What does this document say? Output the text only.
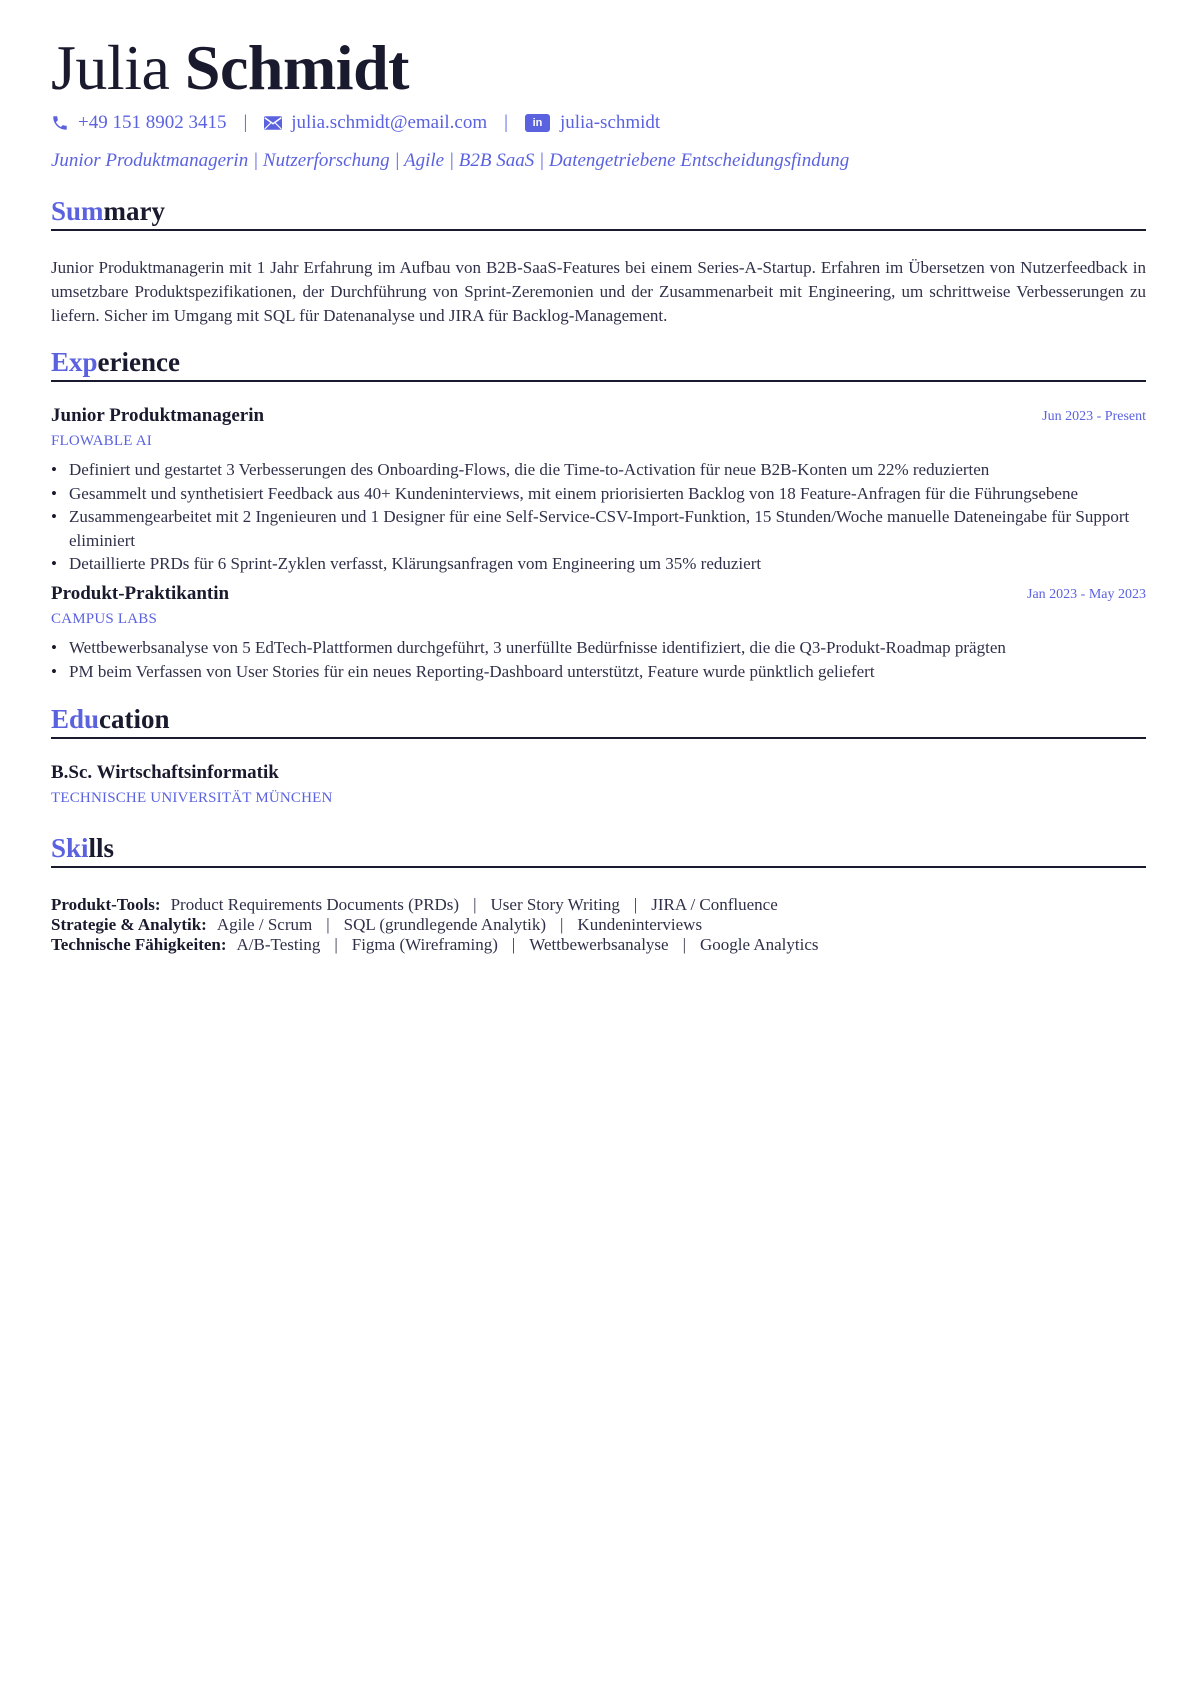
Julia Schmidt
+49 151 8902 3415 | julia.schmidt@email.com |	in julia-schmidt
Junior Produktmanagerin | Nutzerforschung | Agile | B2B SaaS | Datengetriebene Entscheidungsfindung
Summary
Junior Produktmanagerin mit 1 Jahr Erfahrung im Aufbau von B2B-SaaS-Features bei einem Series-A-Startup. Erfahren im Übersetzen von Nutzerfeedback in umsetzbare Produktspezifikationen, der Durchführung von Sprint-Zeremonien und der Zusammenarbeit mit Engineering, um schrittweise Verbesserungen zu liefern. Sicher im Umgang mit SQL für Datenanalyse und JIRA für Backlog-Management.
Experience
Junior Produktmanagerin	Jun 2023 - Present
FLOWABLE AI
• Definiert und gestartet 3 Verbesserungen des Onboarding-Flows, die die Time-to-Activation für neue B2B-Konten um 22% reduzierten
• Gesammelt und synthetisiert Feedback aus 40+ Kundeninterviews, mit einem priorisierten Backlog von 18 Feature-Anfragen für die Führungsebene
• Zusammengearbeitet mit 2 Ingenieuren und 1 Designer für eine Self-Service-CSV-Import-Funktion, 15 Stunden/Woche manuelle Dateneingabe für Support eliminiert
• Detaillierte PRDs für 6 Sprint-Zyklen verfasst, Klärungsanfragen vom Engineering um 35% reduziert
Produkt-Praktikantin	Jan 2023 - May 2023
CAMPUS LABS
• Wettbewerbsanalyse von 5 EdTech-Plattformen durchgeführt, 3 unerfüllte Bedürfnisse identifiziert, die die Q3-Produkt-Roadmap prägten
• PM beim Verfassen von User Stories für ein neues Reporting-Dashboard unterstützt, Feature wurde pünktlich geliefert
Education
B.Sc. Wirtschaftsinformatik
TECHNISCHE UNIVERSITÄT MÜNCHEN
Skills
Produkt-Tools: Product Requirements Documents (PRDs) | User Story Writing | JIRA / Confluence
Strategie & Analytik: Agile / Scrum | SQL (grundlegende Analytik) | Kundeninterviews
Technische Fähigkeiten: A/B-Testing | Figma (Wireframing) | Wettbewerbsanalyse | Google Analytics
